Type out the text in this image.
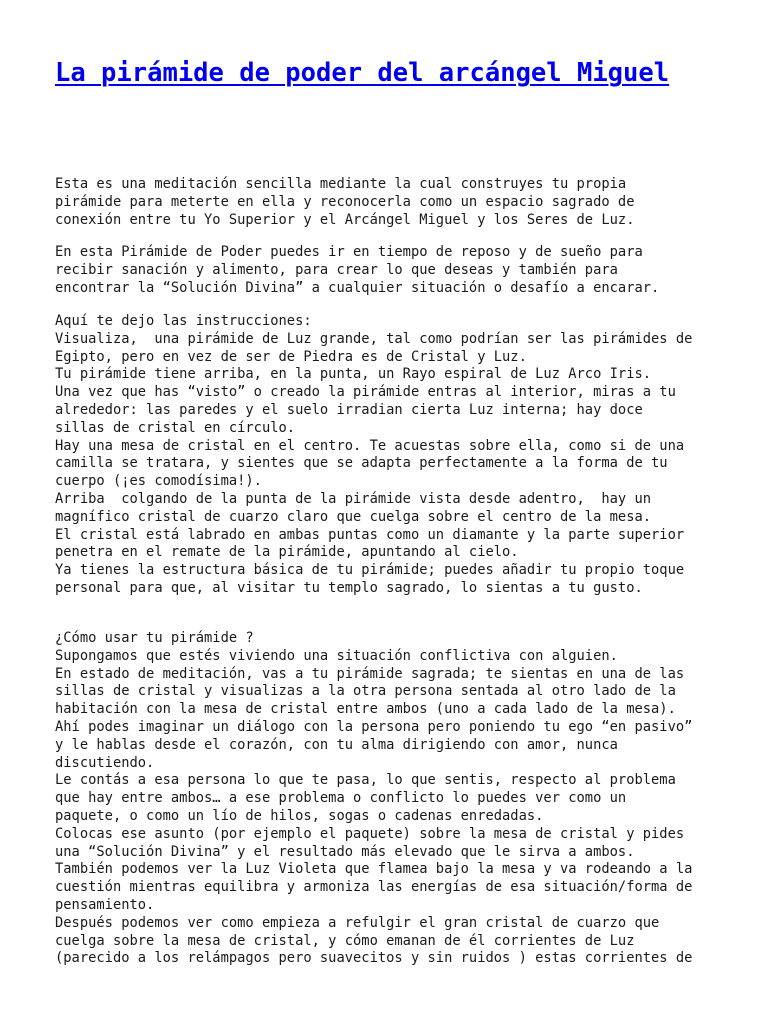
La pirámide de poder del arcángel Miguel

Esta es una meditación sencilla mediante la cual construyes tu propia
pirámide para meterte en ella y reconocerla como un espacio sagrado de
conexión entre tu Yo Superior y el Arcángel Miguel y los Seres de Luz.

En esta Pirámide de Poder puedes ir en tiempo de reposo y de sueño para
recibir sanación y alimento, para crear lo que deseas y también para
encontrar la “Solución Divina” a cualquier situación o desafío a encarar.

Aquí te dejo las instrucciones:
Visualiza,  una pirámide de Luz grande, tal como podrían ser las pirámides de
Egipto, pero en vez de ser de Piedra es de Cristal y Luz.
Tu pirámide tiene arriba, en la punta, un Rayo espiral de Luz Arco Iris.
Una vez que has “visto” o creado la pirámide entras al interior, miras a tu
alrededor: las paredes y el suelo irradian cierta Luz interna; hay doce
sillas de cristal en círculo.
Hay una mesa de cristal en el centro. Te acuestas sobre ella, como si de una
camilla se tratara, y sientes que se adapta perfectamente a la forma de tu
cuerpo (¡es comodísima!).
Arriba  colgando de la punta de la pirámide vista desde adentro,  hay un
magnífico cristal de cuarzo claro que cuelga sobre el centro de la mesa.
El cristal está labrado en ambas puntas como un diamante y la parte superior
penetra en el remate de la pirámide, apuntando al cielo.
Ya tienes la estructura básica de tu pirámide; puedes añadir tu propio toque
personal para que, al visitar tu templo sagrado, lo sientas a tu gusto.

¿Cómo usar tu pirámide ?
Supongamos que estés viviendo una situación conflictiva con alguien.
En estado de meditación, vas a tu pirámide sagrada; te sientas en una de las
sillas de cristal y visualizas a la otra persona sentada al otro lado de la
habitación con la mesa de cristal entre ambos (uno a cada lado de la mesa).
Ahí podes imaginar un diálogo con la persona pero poniendo tu ego “en pasivo”
y le hablas desde el corazón, con tu alma dirigiendo con amor, nunca
discutiendo.
Le contás a esa persona lo que te pasa, lo que sentis, respecto al problema
que hay entre ambos… a ese problema o conflicto lo puedes ver como un
paquete, o como un lío de hilos, sogas o cadenas enredadas.
Colocas ese asunto (por ejemplo el paquete) sobre la mesa de cristal y pides
una “Solución Divina” y el resultado más elevado que le sirva a ambos.
También podemos ver la Luz Violeta que flamea bajo la mesa y va rodeando a la
cuestión mientras equilibra y armoniza las energías de esa situación/forma de
pensamiento.
Después podemos ver como empieza a refulgir el gran cristal de cuarzo que
cuelga sobre la mesa de cristal, y cómo emanan de él corrientes de Luz
(parecido a los relámpagos pero suavecitos y sin ruidos ) estas corrientes de
